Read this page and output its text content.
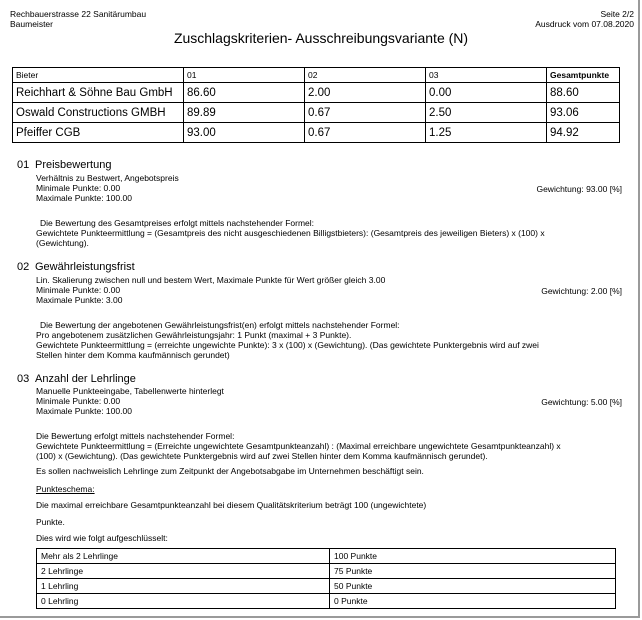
Rechbauerstrasse 22 Sanitärumbau
Baumeister
Seite 2/2
Ausdruck vom 07.08.2020
Zuschlagskriterien- Ausschreibungsvariante (N)
Bieter	01	02	03	Gesamtpunkte
Reichhart & Söhne Bau GmbH	86.60	2.00	0.00	88.60
Oswald Constructions GMBH	89.89	0.67	2.50	93.06
Pfeiffer CGB	93.00	0.67	1.25	94.92
01 Preisbewertung
Verhältnis zu Bestwert, Angebotspreis
Minimale Punkte: 0.00
Maximale Punkte: 100.00
Gewichtung: 93.00 [%]
Die Bewertung des Gesamtpreises erfolgt mittels nachstehender Formel:
Gewichtete Punkteermittlung = (Gesamtpreis des nicht ausgeschiedenen Billigstbieters): (Gesamtpreis des jeweiligen Bieters) x (100) x
(Gewichtung).
02 Gewährleistungsfrist
Lin. Skalierung zwischen null und bestem Wert, Maximale Punkte für Wert größer gleich 3.00
Minimale Punkte: 0.00
Maximale Punkte: 3.00
Gewichtung: 2.00 [%]
Die Bewertung der angebotenen Gewährleistungsfrist(en) erfolgt mittels nachstehender Formel:
Pro angebotenem zusätzlichen Gewährleistungsjahr: 1 Punkt (maximal + 3 Punkte).
Gewichtete Punkteermittlung = (erreichte ungewichte Punkte): 3 x (100) x (Gewichtung). (Das gewichtete Punktergebnis wird auf zwei
Stellen hinter dem Komma kaufmännisch gerundet)
03 Anzahl der Lehrlinge
Manuelle Punkteeingabe, Tabellenwerte hinterlegt
Minimale Punkte: 0.00
Maximale Punkte: 100.00
Gewichtung: 5.00 [%]
Die Bewertung erfolgt mittels nachstehender Formel:
Gewichtete Punkteermittlung = (Erreichte ungewichtete Gesamtpunkteanzahl) : (Maximal erreichbare ungewichtete Gesamtpunkteanzahl) x
(100) x (Gewichtung). (Das gewichtete Punktergebnis wird auf zwei Stellen hinter dem Komma kaufmännisch gerundet).
Es sollen nachweislich Lehrlinge zum Zeitpunkt der Angebotsabgabe im Unternehmen beschäftigt sein.
Punkteschema:
Die maximal erreichbare Gesamtpunkteanzahl bei diesem Qualitätskriterium beträgt 100 (ungewichtete)
Punkte.
Dies wird wie folgt aufgeschlüsselt:
Mehr als 2 Lehrlinge	100 Punkte
2 Lehrlinge	75 Punkte
1 Lehrling	50 Punkte
0 Lehrling	0 Punkte
